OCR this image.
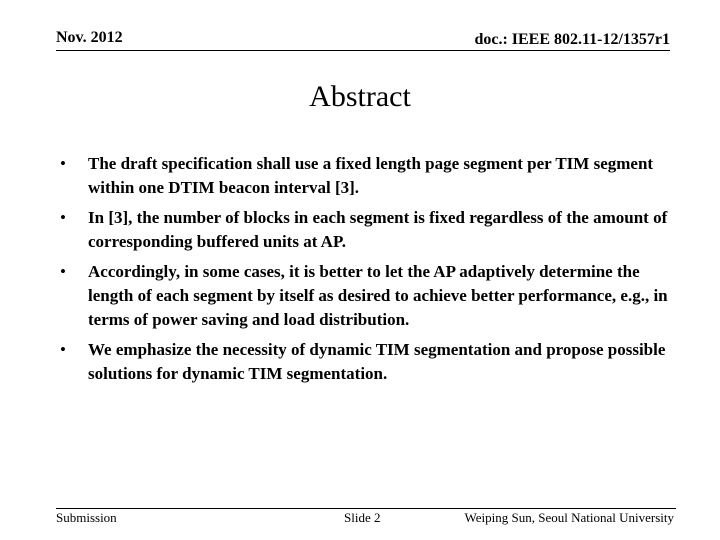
Nov. 2012	doc.: IEEE 802.11-12/1357r1
Abstract
• The draft specification shall use a fixed length page segment per TIM segment within one DTIM beacon interval [3].
• In [3], the number of blocks in each segment is fixed regardless of the amount of corresponding buffered units at AP.
• Accordingly, in some cases, it is better to let the AP adaptively determine the length of each segment by itself as desired to achieve better performance, e.g., in terms of power saving and load distribution.
• We emphasize the necessity of dynamic TIM segmentation and propose possible solutions for dynamic TIM segmentation.
Submission	Slide 2	Weiping Sun, Seoul National University
